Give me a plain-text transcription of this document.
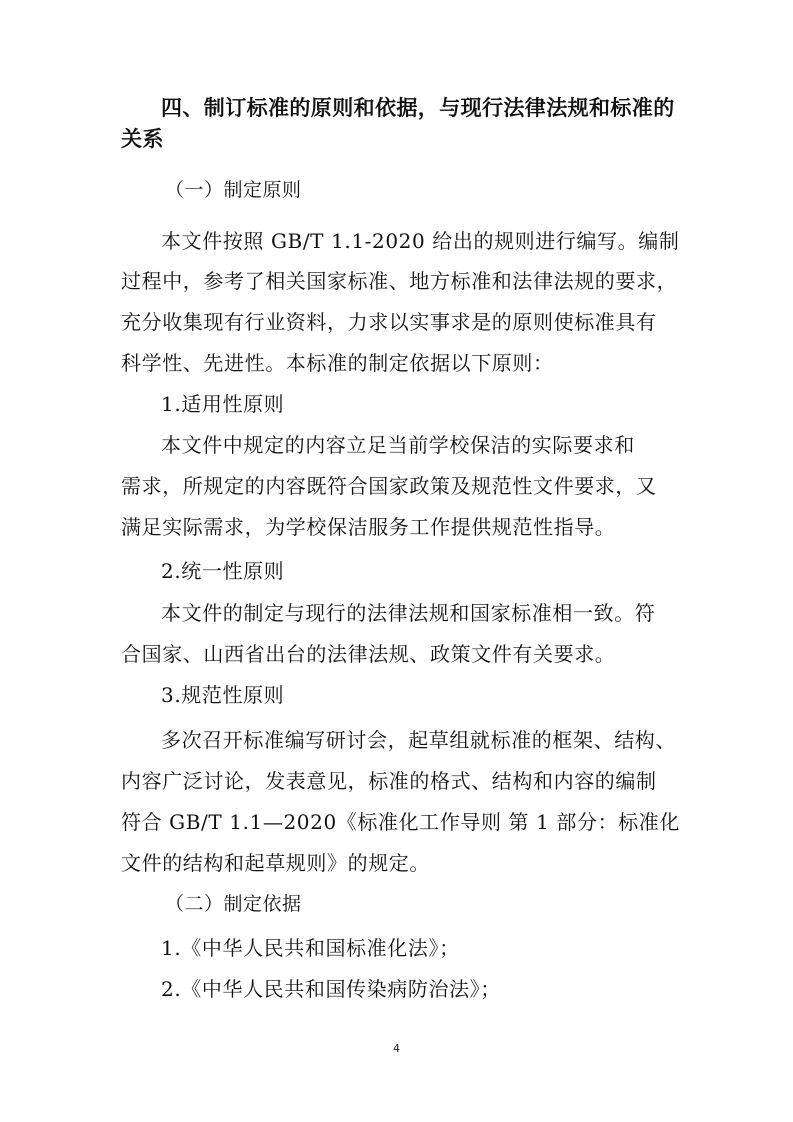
四、制订标准的原则和依据，与现行法律法规和标准的
关系
（一）制定原则
本文件按照 GB/T 1.1-2020 给出的规则进行编写。编制
过程中，参考了相关国家标准、地方标准和法律法规的要求，
充分收集现有行业资料，力求以实事求是的原则使标准具有
科学性、先进性。本标准的制定依据以下原则：
1.适用性原则
本文件中规定的内容立足当前学校保洁的实际要求和
需求，所规定的内容既符合国家政策及规范性文件要求，又
满足实际需求，为学校保洁服务工作提供规范性指导。
2.统一性原则
本文件的制定与现行的法律法规和国家标准相一致。符
合国家、山西省出台的法律法规、政策文件有关要求。
3.规范性原则
多次召开标准编写研讨会，起草组就标准的框架、结构、
内容广泛讨论，发表意见，标准的格式、结构和内容的编制
符合 GB/T 1.1—2020《标准化工作导则 第 1 部分：标准化
文件的结构和起草规则》的规定。
（二）制定依据
1.《中华人民共和国标准化法》；
2.《中华人民共和国传染病防治法》；
4
